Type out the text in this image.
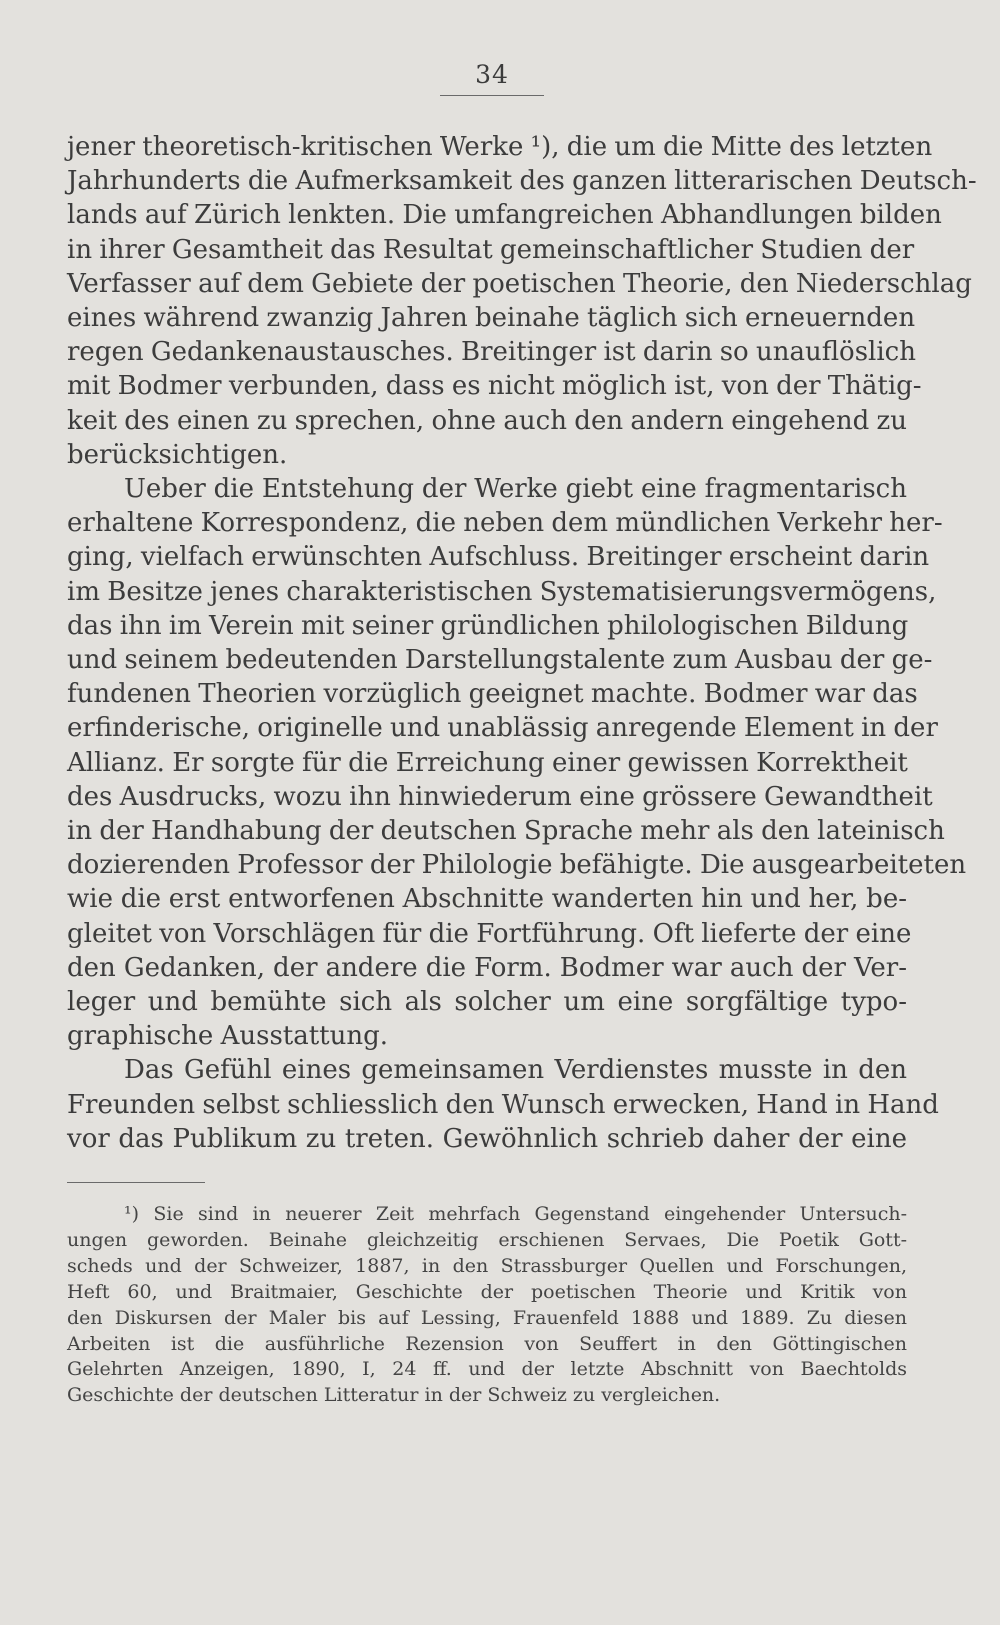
34
jener theoretisch-kritischen Werke ¹), die um die Mitte des letzten
Jahrhunderts die Aufmerksamkeit des ganzen litterarischen Deutsch-
lands auf Zürich lenkten. Die umfangreichen Abhandlungen bilden
in ihrer Gesamtheit das Resultat gemeinschaftlicher Studien der
Verfasser auf dem Gebiete der poetischen Theorie, den Niederschlag
eines während zwanzig Jahren beinahe täglich sich erneuernden
regen Gedankenaustausches. Breitinger ist darin so unauflöslich
mit Bodmer verbunden, dass es nicht möglich ist, von der Thätig-
keit des einen zu sprechen, ohne auch den andern eingehend zu
berücksichtigen.
Ueber die Entstehung der Werke giebt eine fragmentarisch
erhaltene Korrespondenz, die neben dem mündlichen Verkehr her-
ging, vielfach erwünschten Aufschluss. Breitinger erscheint darin
im Besitze jenes charakteristischen Systematisierungsvermögens,
das ihn im Verein mit seiner gründlichen philologischen Bildung
und seinem bedeutenden Darstellungstalente zum Ausbau der ge-
fundenen Theorien vorzüglich geeignet machte. Bodmer war das
erfinderische, originelle und unablässig anregende Element in der
Allianz. Er sorgte für die Erreichung einer gewissen Korrektheit
des Ausdrucks, wozu ihn hinwiederum eine grössere Gewandtheit
in der Handhabung der deutschen Sprache mehr als den lateinisch
dozierenden Professor der Philologie befähigte. Die ausgearbeiteten
wie die erst entworfenen Abschnitte wanderten hin und her, be-
gleitet von Vorschlägen für die Fortführung. Oft lieferte der eine
den Gedanken, der andere die Form. Bodmer war auch der Ver-
leger und bemühte sich als solcher um eine sorgfältige typo-
graphische Ausstattung.
Das Gefühl eines gemeinsamen Verdienstes musste in den
Freunden selbst schliesslich den Wunsch erwecken, Hand in Hand
vor das Publikum zu treten. Gewöhnlich schrieb daher der eine
¹) Sie sind in neuerer Zeit mehrfach Gegenstand eingehender Untersuch-
ungen geworden. Beinahe gleichzeitig erschienen Servaes, Die Poetik Gott-
scheds und der Schweizer, 1887, in den Strassburger Quellen und Forschungen,
Heft 60, und Braitmaier, Geschichte der poetischen Theorie und Kritik von
den Diskursen der Maler bis auf Lessing, Frauenfeld 1888 und 1889. Zu diesen
Arbeiten ist die ausführliche Rezension von Seuffert in den Göttingischen
Gelehrten Anzeigen, 1890, I, 24 ff. und der letzte Abschnitt von Baechtolds
Geschichte der deutschen Litteratur in der Schweiz zu vergleichen.
